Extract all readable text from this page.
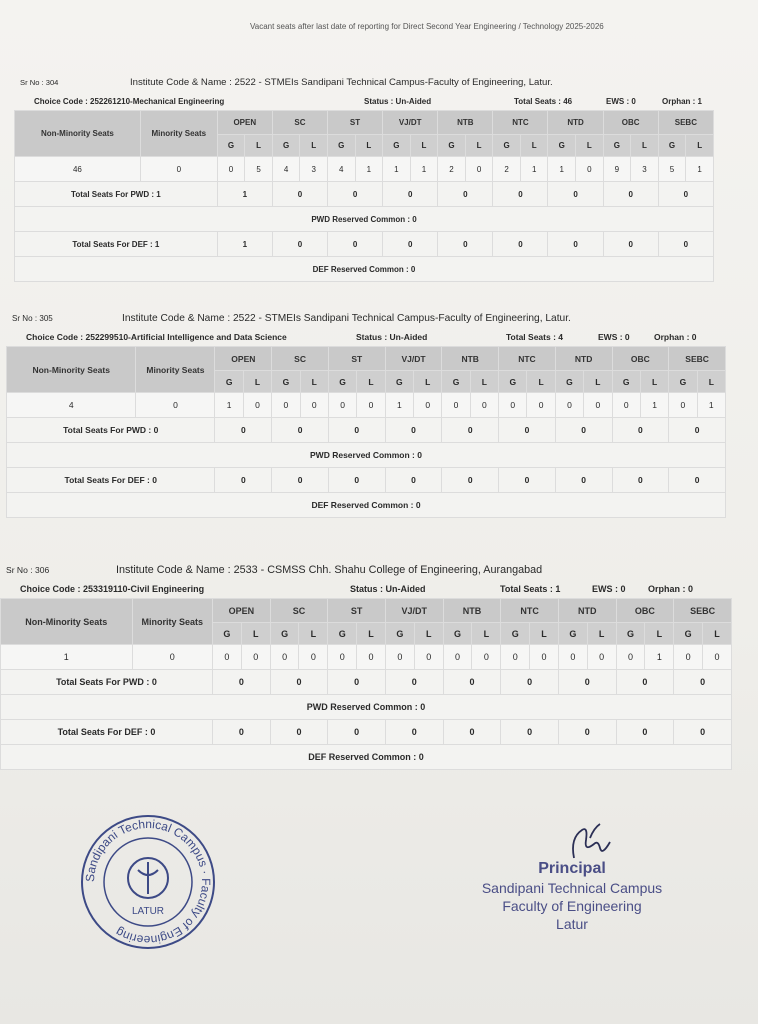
Vacant seats after last date of reporting for Direct Second Year Engineering / Technology 2025-2026
Sr No : 304	Institute Code & Name : 2522 - STMEIs Sandipani Technical Campus-Faculty of Engineering, Latur.
Choice Code : 252261210-Mechanical Engineering	Status : Un-Aided	Total Seats : 46	EWS : 0	Orphan : 1
Non-Minority Seats	Minority Seats	OPEN		SC		ST		VJ/DT		NTB		NTC		NTD		OBC		SEBC	
		G	L	G	L	G	L	G	L	G	L	G	L	G	L	G	L	G	L
46	0	0	5	4	3	4	1	1	1	2	0	2	1	1	0	9	3	5	1
Total Seats For PWD : 1		1		0		0		0		0		0		0		0		0	
PWD Reserved Common : 0																			
Total Seats For DEF : 1		1		0		0		0		0		0		0		0		0	
DEF Reserved Common : 0																			
Sr No : 305	Institute Code & Name : 2522 - STMEIs Sandipani Technical Campus-Faculty of Engineering, Latur.
Choice Code : 252299510-Artificial Intelligence and Data Science	Status : Un-Aided	Total Seats : 4	EWS : 0	Orphan : 0
Non-Minority Seats	Minority Seats	OPEN		SC		ST		VJ/DT		NTB		NTC		NTD		OBC		SEBC	
		G	L	G	L	G	L	G	L	G	L	G	L	G	L	G	L	G	L
4	0	1	0	0	0	0	0	1	0	0	0	0	0	0	0	0	1	0	1
Total Seats For PWD : 0		0		0		0		0		0		0		0		0		0	
PWD Reserved Common : 0																			
Total Seats For DEF : 0		0		0		0		0		0		0		0		0		0	
DEF Reserved Common : 0																			
Sr No : 306	Institute Code & Name : 2533 - CSMSS Chh. Shahu College of Engineering, Aurangabad
Choice Code : 253319110-Civil Engineering	Status : Un-Aided	Total Seats : 1	EWS : 0	Orphan : 0
Non-Minority Seats	Minority Seats	OPEN		SC		ST		VJ/DT		NTB		NTC		NTD		OBC		SEBC	
		G	L	G	L	G	L	G	L	G	L	G	L	G	L	G	L	G	L
1	0	0	0	0	0	0	0	0	0	0	0	0	0	0	0	0	1	0	0
Total Seats For PWD : 0		0		0		0		0		0		0		0		0		0	
PWD Reserved Common : 0																			
Total Seats For DEF : 0		0		0		0		0		0		0		0		0		0	
DEF Reserved Common : 0																			
Sandipani Technical Campus · Faculty of Engineering
LATUR
Principal
Sandipani Technical Campus
Faculty of Engineering
Latur
